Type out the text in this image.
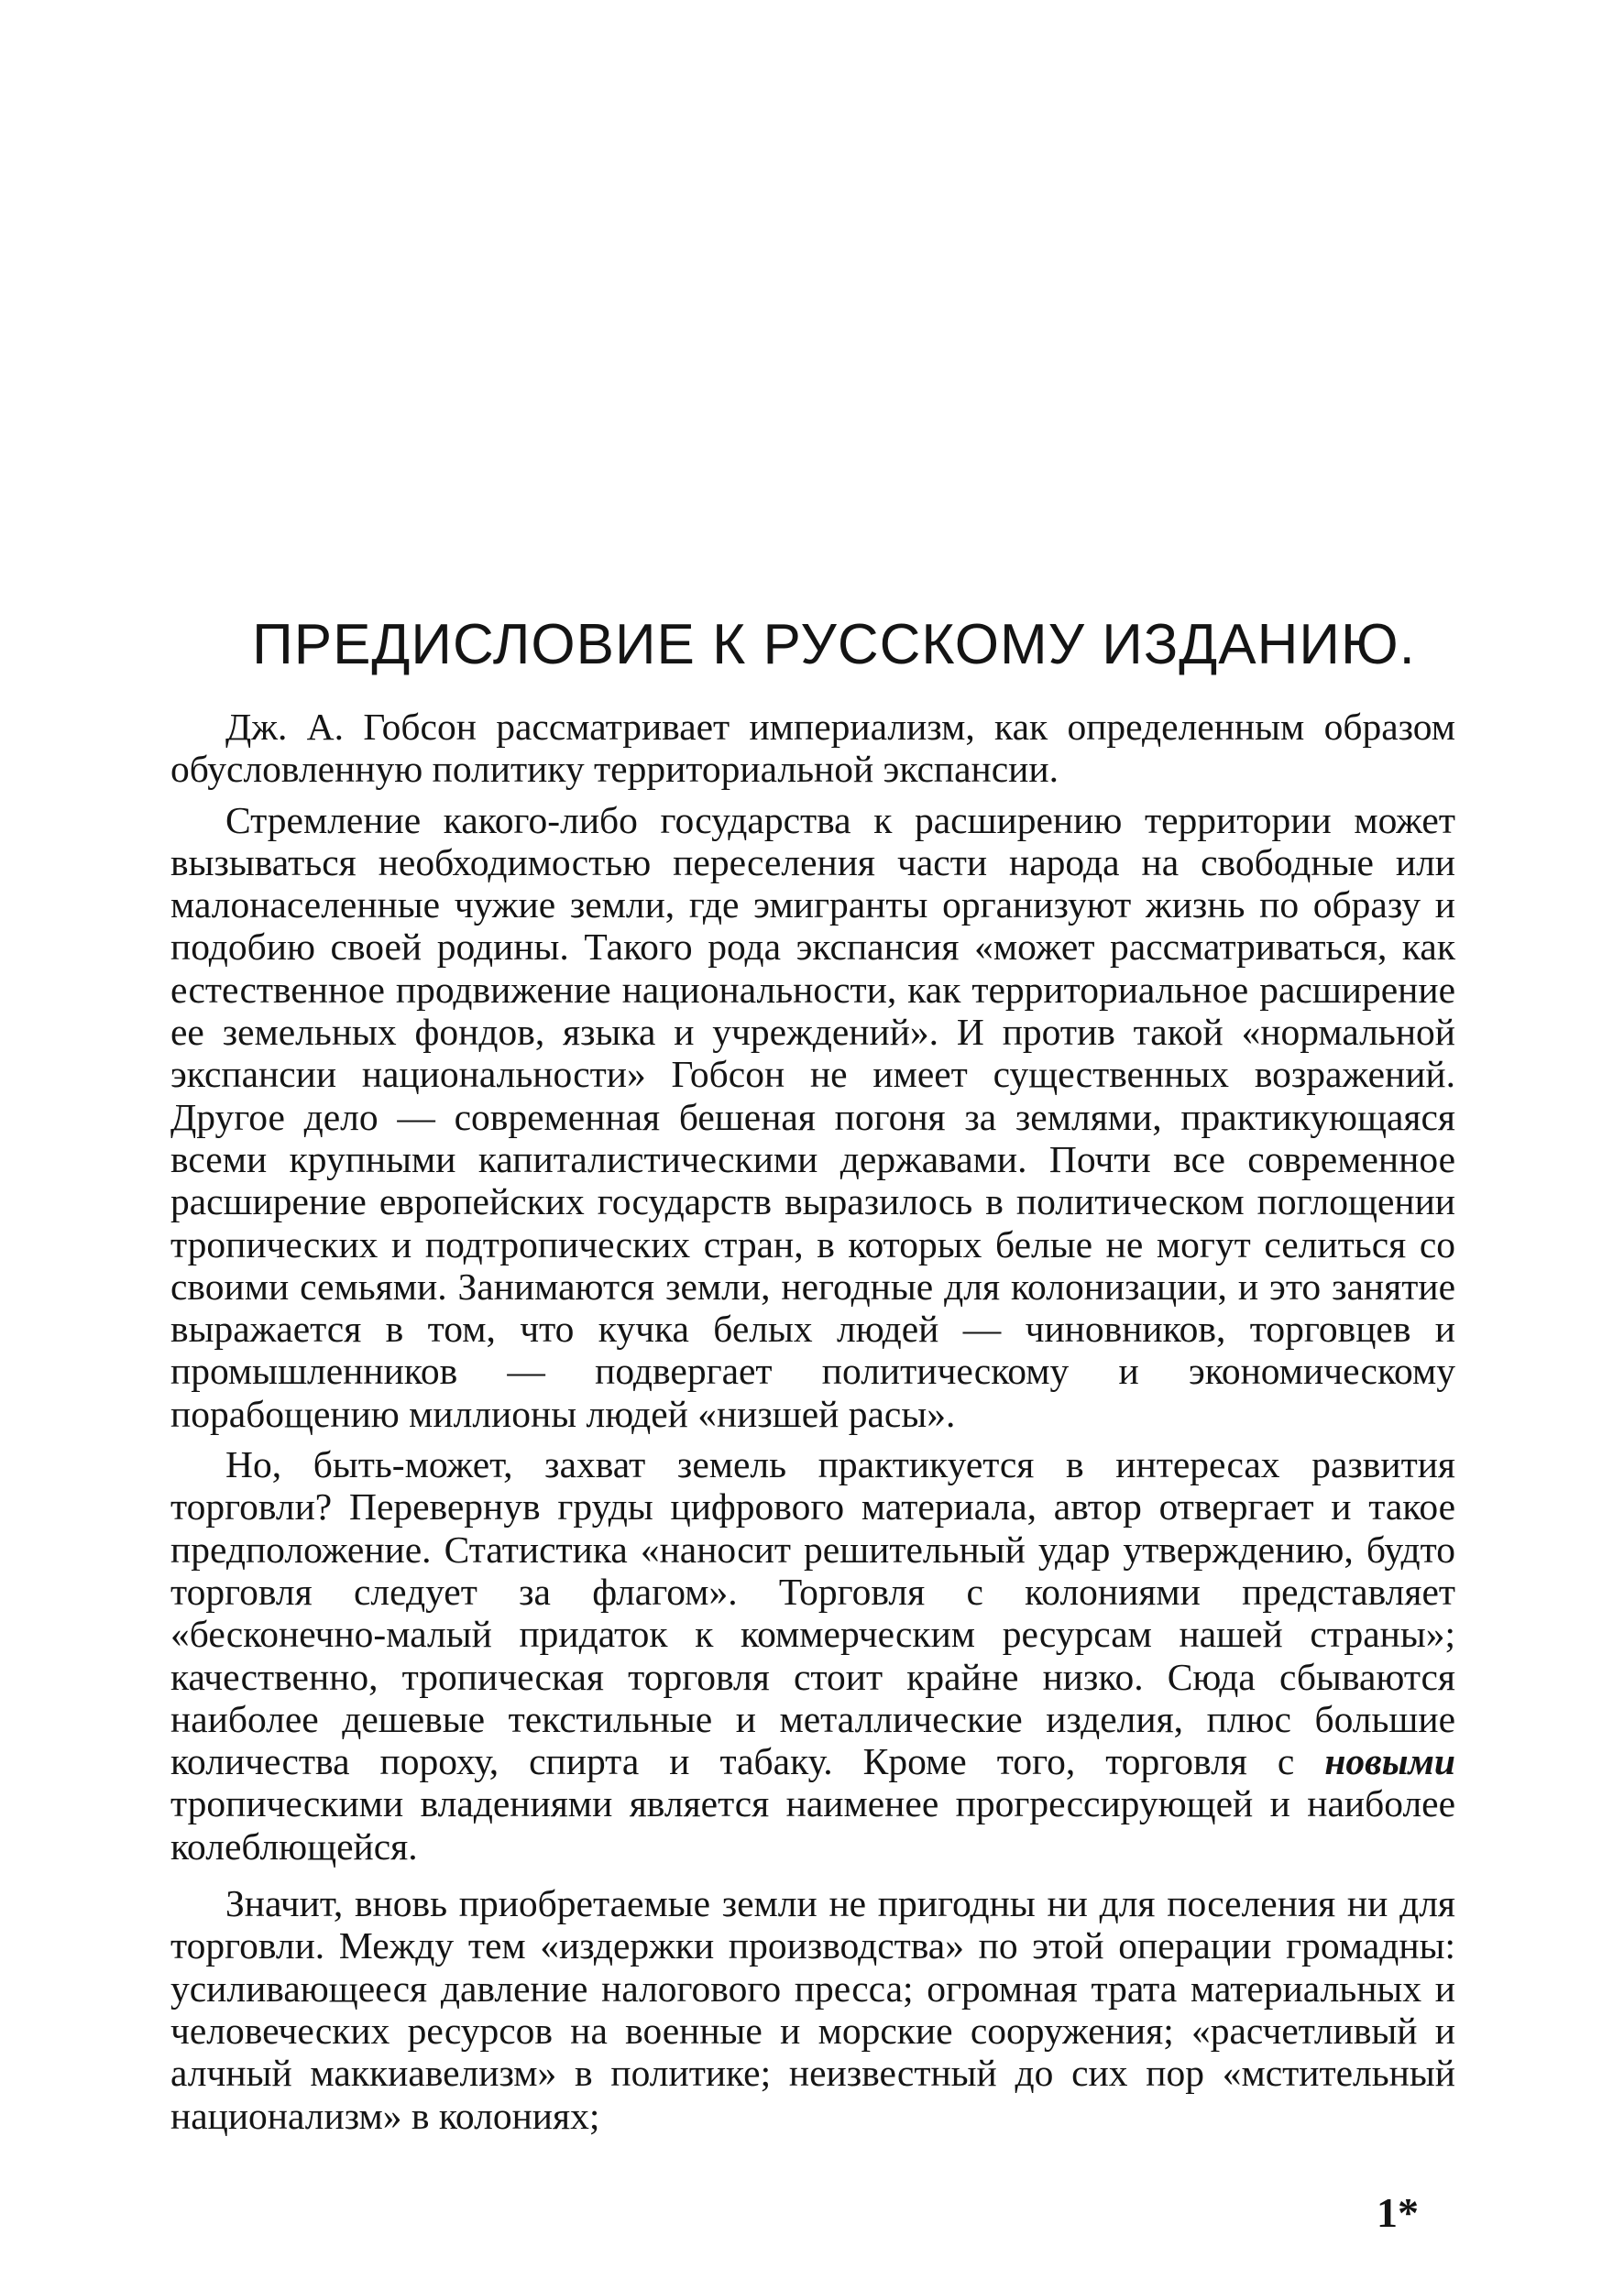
ПРЕДИСЛОВИЕ К РУССКОМУ ИЗДАНИЮ.

Дж. А. Гобсон рассматривает империализм, как определенным образом обусловленную политику территориальной экспансии.

Стремление какого-либо государства к расширению территории может вызываться необходимостью переселения части народа на свободные или малонаселенные чужие земли, где эмигранты организуют жизнь по образу и подобию своей родины. Такого рода экспансия «может рассматриваться, как естественное продвижение национальности, как территориальное расширение ее земельных фондов, языка и учреждений». И против такой «нормальной экспансии национальности» Гобсон не имеет существенных возражений. Другое дело — современная бешеная погоня за землями, практикующаяся всеми крупными капиталистическими державами. Почти все современное расширение европейских государств выразилось в политическом поглощении тропических и подтропических стран, в которых белые не могут селиться со своими семьями. Занимаются земли, негодные для колонизации, и это занятие выражается в том, что кучка белых людей — чиновников, торговцев и промышленников — подвергает политическому и экономическому порабощению миллионы людей «низшей расы».

Но, быть-может, захват земель практикуется в интересах развития торговли? Перевернув груды цифрового материала, автор отвергает и такое предположение. Статистика «наносит решительный удар утверждению, будто торговля следует за флагом». Торговля с колониями представляет «бесконечно-малый придаток к коммерческим ресурсам нашей страны»; качественно, тропическая торговля стоит крайне низко. Сюда сбываются наиболее дешевые текстильные и металлические изделия, плюс большие количества пороху, спирта и табаку. Кроме того, торговля с новыми тропическими владениями является наименее прогрессирующей и наиболее колеблющейся.

Значит, вновь приобретаемые земли не пригодны ни для поселения ни для торговли. Между тем «издержки производства» по этой операции громадны: усиливающееся давление налогового пресса; огромная трата материальных и человеческих ресурсов на военные и морские сооружения; «расчетливый и алчный маккиавелизм» в политике; неизвестный до сих пор «мстительный национализм» в колониях;

1*
